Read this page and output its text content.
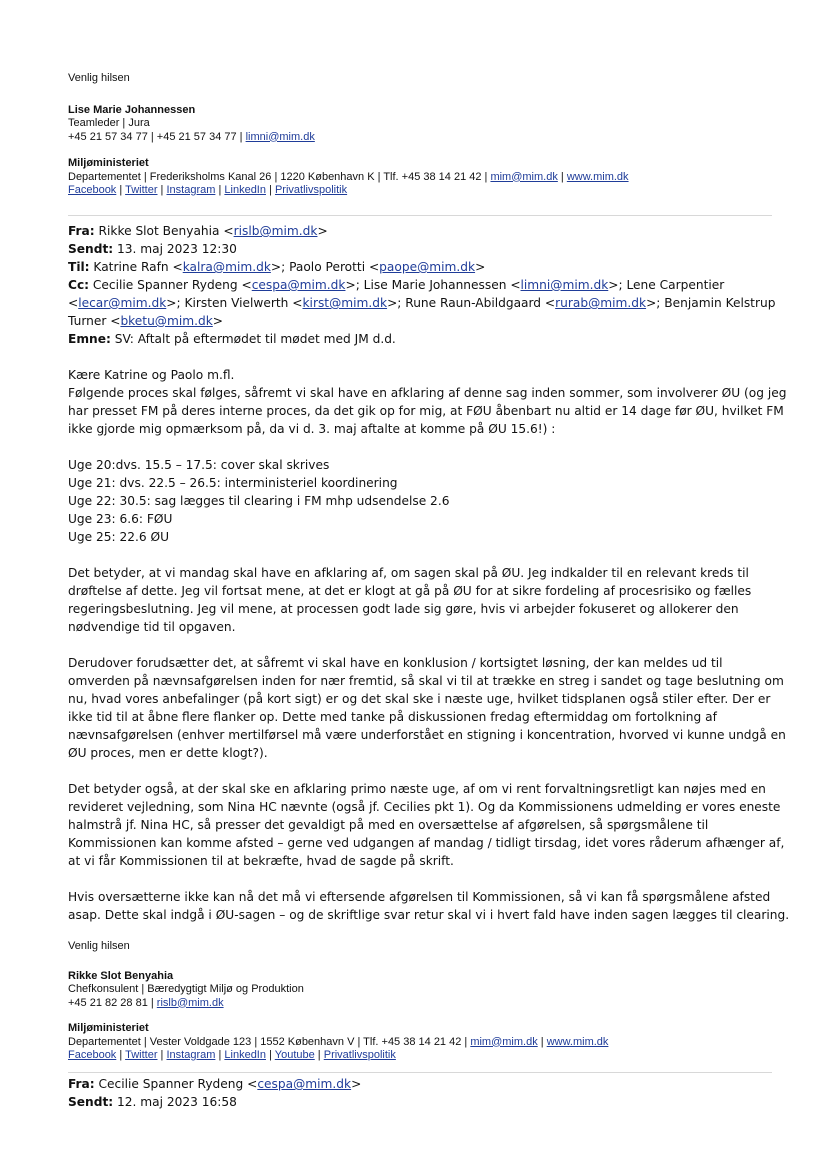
Venlig hilsen

Lise Marie Johannessen

Teamleder | Jura

+45 21 57 34 77 | +45 21 57 34 77 | limni@mim.dk

Miljøministeriet

Departementet | Frederiksholms Kanal 26 | 1220 København K | Tlf. +45 38 14 21 42 | mim@mim.dk | www.mim.dk

Facebook | Twitter | Instagram | LinkedIn | Privatlivspolitik

Fra: Rikke Slot Benyahia <rislb@mim.dk>
Sendt: 13. maj 2023 12:30
Til: Katrine Rafn <kalra@mim.dk>; Paolo Perotti <paope@mim.dk>
Cc: Cecilie Spanner Rydeng <cespa@mim.dk>; Lise Marie Johannessen <limni@mim.dk>; Lene Carpentier
<lecar@mim.dk>; Kirsten Vielwerth <kirst@mim.dk>; Rune Raun-Abildgaard <rurab@mim.dk>; Benjamin Kelstrup
Turner <bketu@mim.dk>
Emne: SV: Aftalt på eftermødet til mødet med JM d.d.
Kære Katrine og Paolo m.fl.
Følgende proces skal følges, såfremt vi skal have en afklaring af denne sag inden sommer, som involverer ØU (og jeg
har presset FM på deres interne proces, da det gik op for mig, at FØU åbenbart nu altid er 14 dage før ØU, hvilket FM
ikke gjorde mig opmærksom på, da vi d. 3. maj aftalte at komme på ØU 15.6!) :
Uge 20:dvs. 15.5 – 17.5: cover skal skrives
Uge 21: dvs. 22.5 – 26.5: interministeriel koordinering
Uge 22: 30.5: sag lægges til clearing i FM mhp udsendelse 2.6
Uge 23: 6.6: FØU
Uge 25: 22.6 ØU
Det betyder, at vi mandag skal have en afklaring af, om sagen skal på ØU. Jeg indkalder til en relevant kreds til
drøftelse af dette. Jeg vil fortsat mene, at det er klogt at gå på ØU for at sikre fordeling af procesrisiko og fælles
regeringsbeslutning. Jeg vil mene, at processen godt lade sig gøre, hvis vi arbejder fokuseret og allokerer den
nødvendige tid til opgaven.
Derudover forudsætter det, at såfremt vi skal have en konklusion / kortsigtet løsning, der kan meldes ud til
omverden på nævnsafgørelsen inden for nær fremtid, så skal vi til at trække en streg i sandet og tage beslutning om
nu, hvad vores anbefalinger (på kort sigt) er og det skal ske i næste uge, hvilket tidsplanen også stiler efter. Der er
ikke tid til at åbne flere flanker op. Dette med tanke på diskussionen fredag eftermiddag om fortolkning af
nævnsafgørelsen (enhver mertilførsel må være underforstået en stigning i koncentration, hvorved vi kunne undgå en
ØU proces, men er dette klogt?).
Det betyder også, at der skal ske en afklaring primo næste uge, af om vi rent forvaltningsretligt kan nøjes med en
revideret vejledning, som Nina HC nævnte (også jf. Cecilies pkt 1). Og da Kommissionens udmelding er vores eneste
halmstrå jf. Nina HC, så presser det gevaldigt på med en oversættelse af afgørelsen, så spørgsmålene til
Kommissionen kan komme afsted – gerne ved udgangen af mandag / tidligt tirsdag, idet vores råderum afhænger af,
at vi får Kommissionen til at bekræfte, hvad de sagde på skrift.
Hvis oversætterne ikke kan nå det må vi eftersende afgørelsen til Kommissionen, så vi kan få spørgsmålene afsted
asap. Dette skal indgå i ØU-sagen – og de skriftlige svar retur skal vi i hvert fald have inden sagen lægges til clearing.

Venlig hilsen

Rikke Slot Benyahia

Chefkonsulent | Bæredygtigt Miljø og Produktion

+45 21 82 28 81 | rislb@mim.dk

Miljøministeriet

Departementet | Vester Voldgade 123 | 1552 København V | Tlf. +45 38 14 21 42 | mim@mim.dk | www.mim.dk

Facebook | Twitter | Instagram | LinkedIn | Youtube | Privatlivspolitik

Fra: Cecilie Spanner Rydeng <cespa@mim.dk>
Sendt: 12. maj 2023 16:58
